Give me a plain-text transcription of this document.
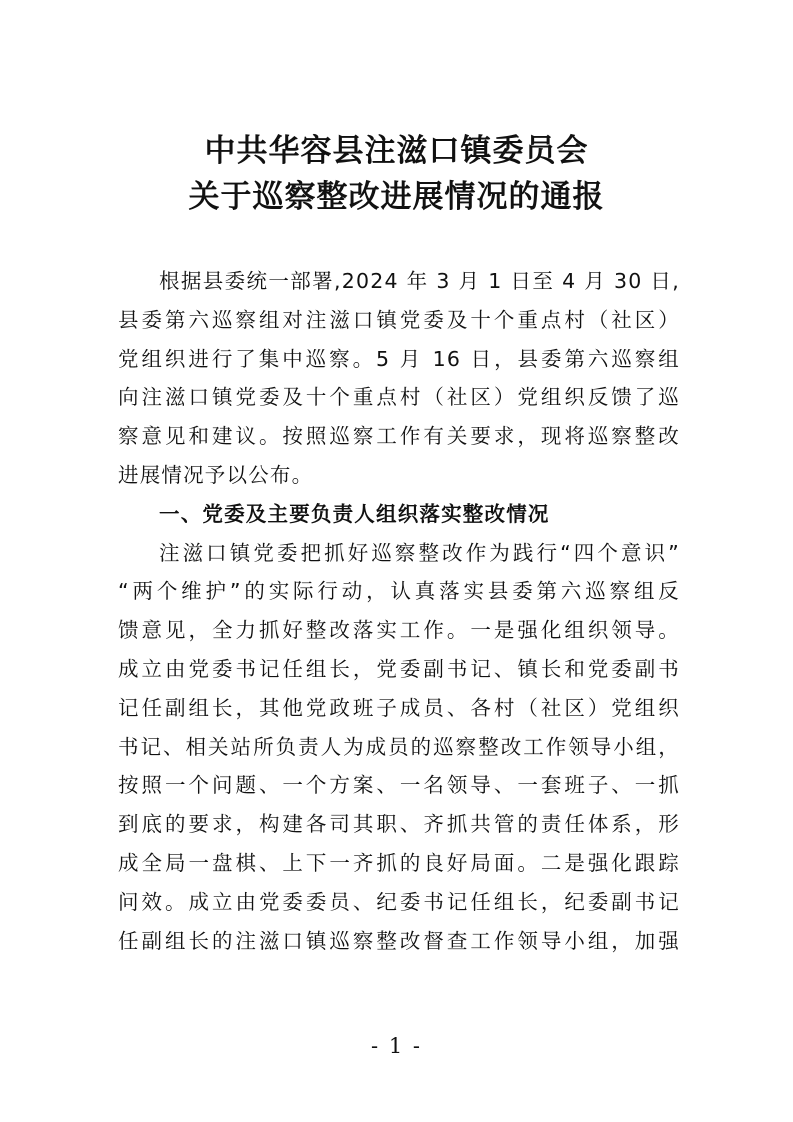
中共华容县注滋口镇委员会
关于巡察整改进展情况的通报
根据县委统一部署,2024 年 3 月 1 日至 4 月 30 日,
县委第六巡察组对注滋口镇党委及十个重点村（社区）
党组织进行了集中巡察。5 月 16 日，县委第六巡察组
向注滋口镇党委及十个重点村（社区）党组织反馈了巡
察意见和建议。按照巡察工作有关要求，现将巡察整改
进展情况予以公布。
一、党委及主要负责人组织落实整改情况
注滋口镇党委把抓好巡察整改作为践行“四个意识”
“两个维护”的实际行动，认真落实县委第六巡察组反
馈意见，全力抓好整改落实工作。一是强化组织领导。
成立由党委书记任组长，党委副书记、镇长和党委副书
记任副组长，其他党政班子成员、各村（社区）党组织
书记、相关站所负责人为成员的巡察整改工作领导小组，
按照一个问题、一个方案、一名领导、一套班子、一抓
到底的要求，构建各司其职、齐抓共管的责任体系，形
成全局一盘棋、上下一齐抓的良好局面。二是强化跟踪
问效。成立由党委委员、纪委书记任组长，纪委副书记
任副组长的注滋口镇巡察整改督查工作领导小组，加强
- 1 -
